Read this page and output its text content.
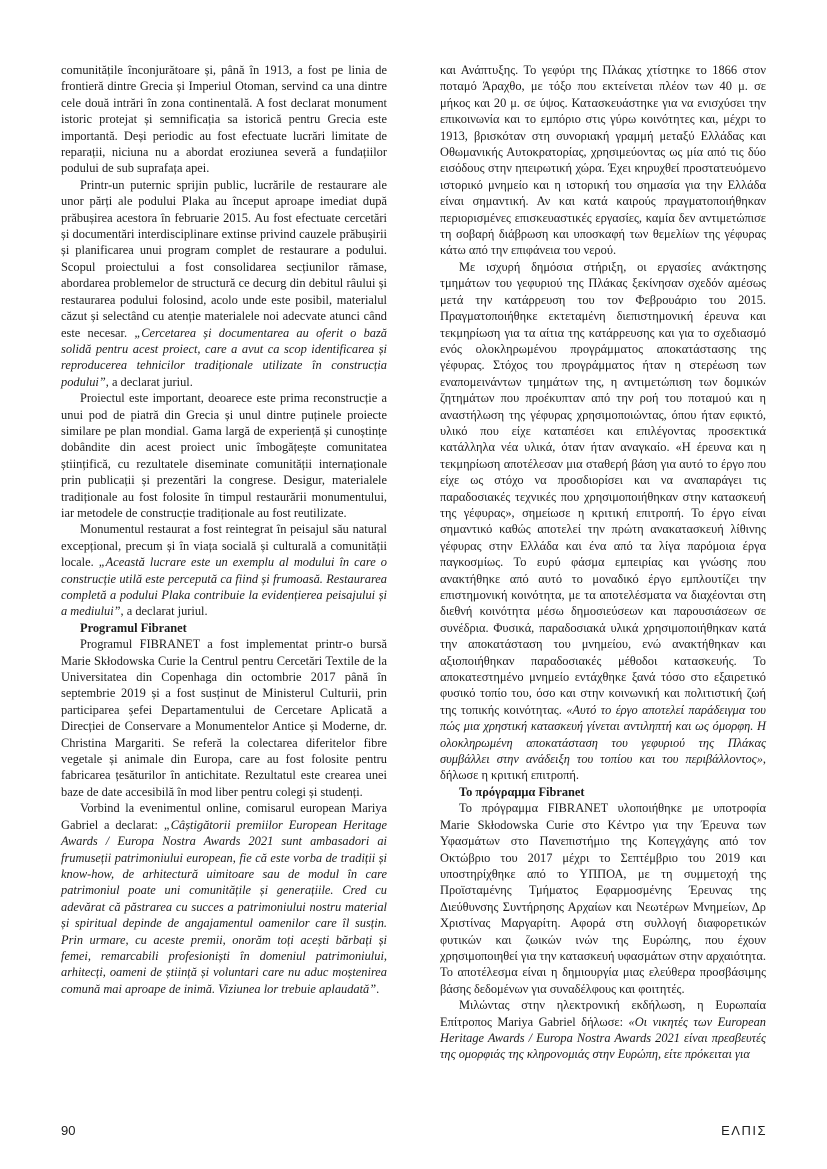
comunitățile înconjurătoare și, până în 1913, a fost pe linia de frontieră dintre Grecia și Imperiul Otoman, servind ca una dintre cele două intrări în zona continentală. A fost declarat monument istoric protejat și semnificația sa istorică pentru Grecia este importantă. Deși periodic au fost efectuate lucrări limitate de reparații, niciuna nu a abordat eroziunea severă a fundațiilor podului de sub suprafața apei.

Printr-un puternic sprijin public, lucrările de restaurare ale unor părți ale podului Plaka au început aproape imediat după prăbușirea acestora în februarie 2015. Au fost efectuate cercetări și documentări interdisciplinare extinse privind cauzele prăbușirii și planificarea unui program complet de restaurare a podului. Scopul proiectului a fost consolidarea secțiunilor rămase, abordarea problemelor de structură ce decurg din debitul râului și restaurarea podului folosind, acolo unde este posibil, materialul căzut și selectând cu atenție materialele noi adecvate atunci când este necesar. „Cercetarea și documentarea au oferit o bază solidă pentru acest proiect, care a avut ca scop identificarea și reproducerea tehnicilor tradiționale utilizate în construcția podului”, a declarat juriul.

Proiectul este important, deoarece este prima reconstrucție a unui pod de piatră din Grecia și unul dintre puținele proiecte similare pe plan mondial. Gama largă de experiență și cunoștințe dobândite din acest proiect unic îmbogățește comunitatea științifică, cu rezultatele diseminate comunității internaționale prin publicații și prezentări la congrese. Desigur, materialele tradiționale au fost folosite în timpul restaurării monumentului, iar metodele de construcție tradiționale au fost reutilizate.

Monumentul restaurat a fost reintegrat în peisajul său natural excepțional, precum și în viața socială și culturală a comunității locale. „Această lucrare este un exemplu al modului în care o construcție utilă este percepută ca fiind și frumoasă. Restaurarea completă a podului Plaka contribuie la evidențierea peisajului și a mediului”, a declarat juriul.

Programul Fibranet

Programul FIBRANET a fost implementat printr-o bursă Marie Skłodowska Curie la Centrul pentru Cercetări Textile de la Universitatea din Copenhaga din octombrie 2017 până în septembrie 2019 și a fost susținut de Ministerul Culturii, prin participarea șefei Departamentului de Cercetare Aplicată a Direcției de Conservare a Monumentelor Antice și Moderne, dr. Christina Margariti. Se referă la colectarea diferitelor fibre vegetale și animale din Europa, care au fost folosite pentru fabricarea țesăturilor în antichitate. Rezultatul este crearea unei baze de date accesibilă în mod liber pentru colegi și studenți.

Vorbind la evenimentul online, comisarul european Mariya Gabriel a declarat: „Câștigătorii premiilor European Heritage Awards / Europa Nostra Awards 2021 sunt ambasadori ai frumuseții patrimoniului european, fie că este vorba de tradiții și know-how, de arhitectură uimitoare sau de modul în care patrimoniul poate uni comunitățile și generațiile. Cred cu adevărat că păstrarea cu succes a patrimoniului nostru material și spiritual depinde de angajamentul oamenilor care îl susțin. Prin urmare, cu aceste premii, onorăm toți acești bărbați și femei, remarcabili profesioniști în domeniul patrimoniului, arhitecți, oameni de știință și voluntari care nu aduc moștenirea comună mai aproape de inimă. Viziunea lor trebuie aplaudată”.

και Ανάπτυξης. Το γεφύρι της Πλάκας χτίστηκε το 1866 στον ποταμό Άραχθο, με τόξο που εκτείνεται πλέον των 40 μ. σε μήκος και 20 μ. σε ύψος. Κατασκευάστηκε για να ενισχύσει την επικοινωνία και το εμπόριο στις γύρω κοινότητες και, μέχρι το 1913, βρισκόταν στη συνοριακή γραμμή μεταξύ Ελλάδας και Οθωμανικής Αυτοκρατορίας, χρησιμεύοντας ως μία από τις δύο εισόδους στην ηπειρωτική χώρα. Έχει κηρυχθεί προστατευόμενο ιστορικό μνημείο και η ιστορική του σημασία για την Ελλάδα είναι σημαντική. Αν και κατά καιρούς πραγματοποιήθηκαν περιορισμένες επισκευαστικές εργασίες, καμία δεν αντιμετώπισε τη σοβαρή διάβρωση και υποσκαφή των θεμελίων της γέφυρας κάτω από την επιφάνεια του νερού.

Με ισχυρή δημόσια στήριξη, οι εργασίες ανάκτησης τμημάτων του γεφυριού της Πλάκας ξεκίνησαν σχεδόν αμέσως μετά την κατάρρευση του τον Φεβρουάριο του 2015. Πραγματοποιήθηκε εκτεταμένη διεπιστημονική έρευνα και τεκμηρίωση για τα αίτια της κατάρρευσης και για το σχεδιασμό ενός ολοκληρωμένου προγράμματος αποκατάστασης της γέφυρας. Στόχος του προγράμματος ήταν η στερέωση των εναπομεινάντων τμημάτων της, η αντιμετώπιση των δομικών ζητημάτων που προέκυπταν από την ροή του ποταμού και η αναστήλωση της γέφυρας χρησιμοποιώντας, όπου ήταν εφικτό, υλικό που είχε καταπέσει και επιλέγοντας προσεκτικά κατάλληλα νέα υλικά, όταν ήταν αναγκαίο. «Η έρευνα και η τεκμηρίωση αποτέλεσαν μια σταθερή βάση για αυτό το έργο που είχε ως στόχο να προσδιορίσει και να αναπαράγει τις παραδοσιακές τεχνικές που χρησιμοποιήθηκαν στην κατασκευή της γέφυρας», σημείωσε η κριτική επιτροπή. Το έργο είναι σημαντικό καθώς αποτελεί την πρώτη ανακατασκευή λίθινης γέφυρας στην Ελλάδα και ένα από τα λίγα παρόμοια έργα παγκοσμίως. Το ευρύ φάσμα εμπειρίας και γνώσης που ανακτήθηκε από αυτό το μοναδικό έργο εμπλουτίζει την επιστημονική κοινότητα, με τα αποτελέσματα να διαχέονται στη διεθνή κοινότητα μέσω δημοσιεύσεων και παρουσιάσεων σε συνέδρια. Φυσικά, παραδοσιακά υλικά χρησιμοποιήθηκαν κατά την αποκατάσταση του μνημείου, ενώ ανακτήθηκαν και αξιοποιήθηκαν παραδοσιακές μέθοδοι κατασκευής. Το αποκατεστημένο μνημείο εντάχθηκε ξανά τόσο στο εξαιρετικό φυσικό τοπίο του, όσο και στην κοινωνική και πολιτιστική ζωή της τοπικής κοινότητας. «Αυτό το έργο αποτελεί παράδειγμα του πώς μια χρηστική κατασκευή γίνεται αντιληπτή και ως όμορφη. Η ολοκληρωμένη αποκατάσταση του γεφυριού της Πλάκας συμβάλλει στην ανάδειξη του τοπίου και του περιβάλλοντος», δήλωσε η κριτική επιτροπή.

Το πρόγραμμα Fibranet

Το πρόγραμμα FIBRANET υλοποιήθηκε με υποτροφία Marie Skłodowska Curie στο Κέντρο για την Έρευνα των Υφασμάτων στο Πανεπιστήμιο της Κοπεγχάγης από τον Οκτώβριο του 2017 μέχρι το Σεπτέμβριο του 2019 και υποστηρίχθηκε από το ΥΠΠΟΑ, με τη συμμετοχή της Προϊσταμένης Τμήματος Εφαρμοσμένης Έρευνας της Διεύθυνσης Συντήρησης Αρχαίων και Νεωτέρων Μνημείων, Δρ Χριστίνας Μαργαρίτη. Αφορά στη συλλογή διαφορετικών φυτικών και ζωικών ινών της Ευρώπης, που έχουν χρησιμοποιηθεί για την κατασκευή υφασμάτων στην αρχαιότητα. Το αποτέλεσμα είναι η δημιουργία μιας ελεύθερα προσβάσιμης βάσης δεδομένων για συναδέλφους και φοιτητές.

Μιλώντας στην ηλεκτρονική εκδήλωση, η Ευρωπαία Επίτροπος Mariya Gabriel δήλωσε: «Οι νικητές των European Heritage Awards / Europa Nostra Awards 2021 είναι πρεσβευτές της ομορφιάς της κληρονομιάς στην Ευρώπη, είτε πρόκειται για

90	ΕΛΠΙΣ
